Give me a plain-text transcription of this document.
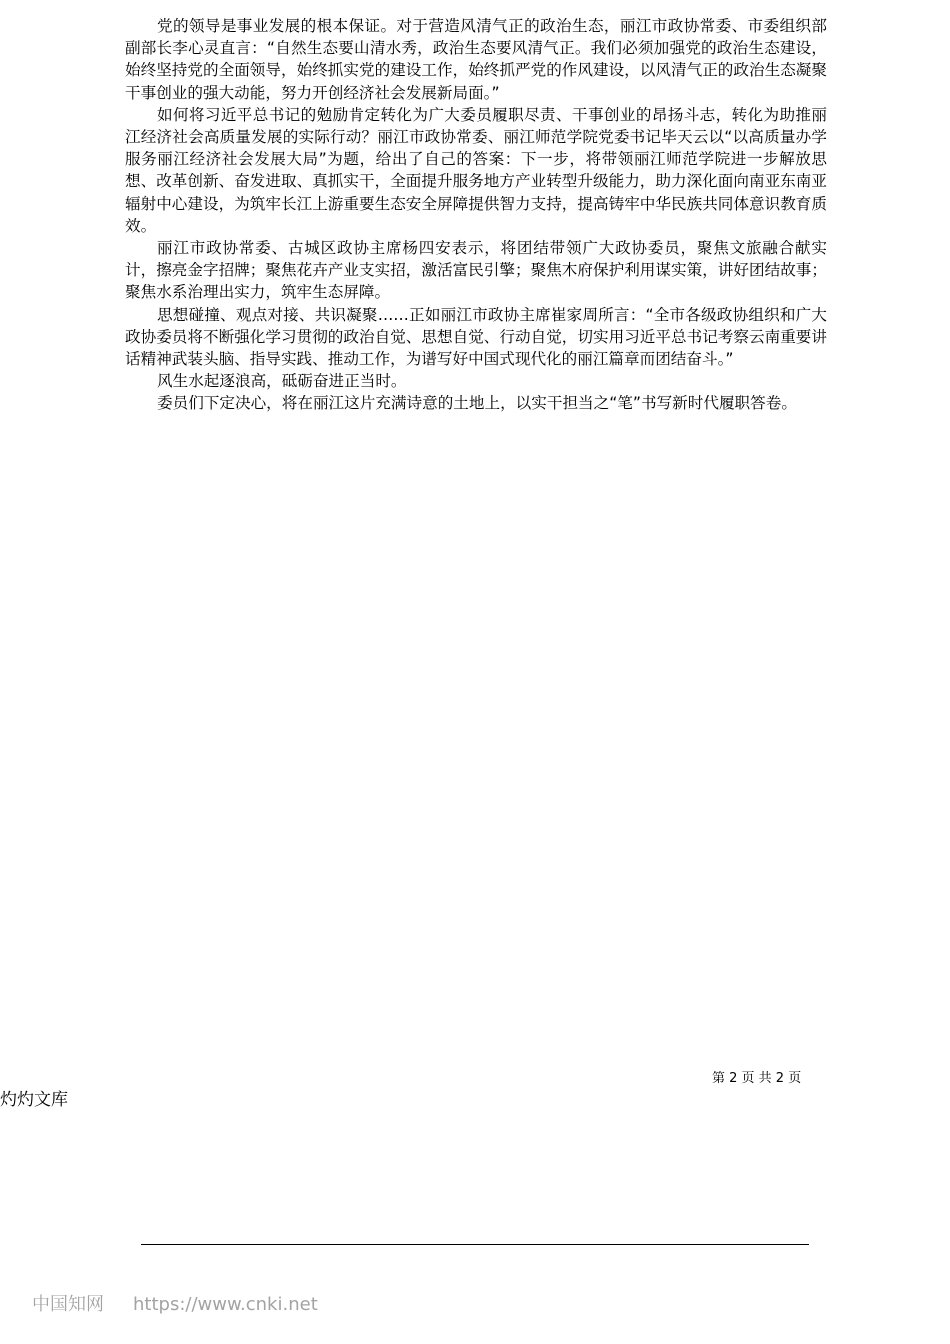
党的领导是事业发展的根本保证。对于营造风清气正的政治生态，丽江市政协常委、市委组织部副部长李心灵直言：“自然生态要山清水秀，政治生态要风清气正。我们必须加强党的政治生态建设，始终坚持党的全面领导，始终抓实党的建设工作，始终抓严党的作风建设，以风清气正的政治生态凝聚干事创业的强大动能，努力开创经济社会发展新局面。”

如何将习近平总书记的勉励肯定转化为广大委员履职尽责、干事创业的昂扬斗志，转化为助推丽江经济社会高质量发展的实际行动？丽江市政协常委、丽江师范学院党委书记毕天云以“以高质量办学服务丽江经济社会发展大局”为题，给出了自己的答案：下一步，将带领丽江师范学院进一步解放思想、改革创新、奋发进取、真抓实干，全面提升服务地方产业转型升级能力，助力深化面向南亚东南亚辐射中心建设，为筑牢长江上游重要生态安全屏障提供智力支持，提高铸牢中华民族共同体意识教育质效。

丽江市政协常委、古城区政协主席杨四安表示，将团结带领广大政协委员，聚焦文旅融合献实计，擦亮金字招牌；聚焦花卉产业支实招，激活富民引擎；聚焦木府保护利用谋实策，讲好团结故事；聚焦水系治理出实力，筑牢生态屏障。

思想碰撞、观点对接、共识凝聚……正如丽江市政协主席崔家周所言：“全市各级政协组织和广大政协委员将不断强化学习贯彻的政治自觉、思想自觉、行动自觉，切实用习近平总书记考察云南重要讲话精神武装头脑、指导实践、推动工作，为谱写好中国式现代化的丽江篇章而团结奋斗。”

风生水起逐浪高，砥砺奋进正当时。

委员们下定决心，将在丽江这片充满诗意的土地上，以实干担当之“笔”书写新时代履职答卷。

第 2 页 共 2 页
灼灼文库
中国知网 https://www.cnki.net
